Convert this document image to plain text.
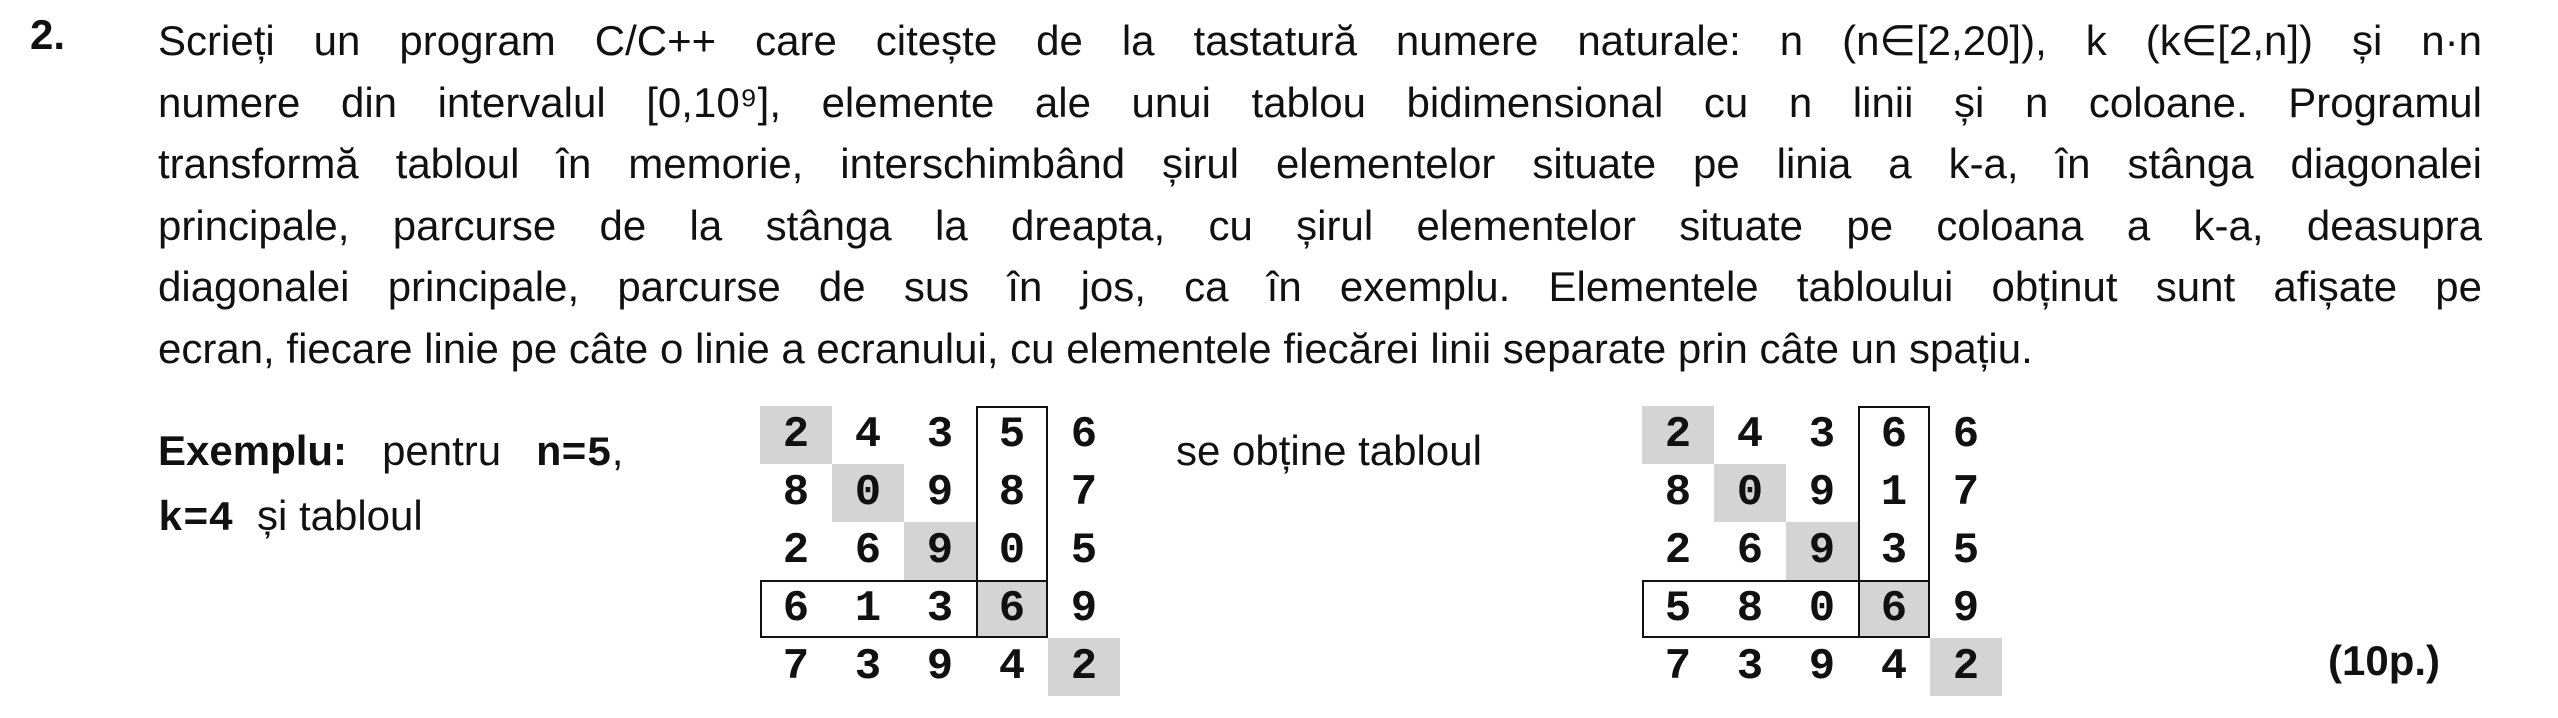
2. Scrieți un program C/C++ care citește de la tastatură numere naturale: n (n∈[2,20]), k (k∈[2,n]) și n·n
numere din intervalul [0,10⁹], elemente ale unui tablou bidimensional cu n linii și n coloane. Programul
transformă tabloul în memorie, interschimbând șirul elementelor situate pe linia a k-a, în stânga diagonalei
principale, parcurse de la stânga la dreapta, cu șirul elementelor situate pe coloana a k-a, deasupra
diagonalei principale, parcurse de sus în jos, ca în exemplu. Elementele tabloului obținut sunt afișate pe
ecran, fiecare linie pe câte o linie a ecranului, cu elementele fiecărei linii separate prin câte un spațiu.
Exemplu: pentru n=5,
k=4 și tabloul
2	4	3	5	6
8	0	9	8	7
2	6	9	0	5
6	1	3	6	9
7	3	9	4	2
se obține tabloul	2	4	3	6	6
8	0	9	1	7
2	6	9	3	5
5	8	0	6	9
7	3	9	4	2	(10p.)
